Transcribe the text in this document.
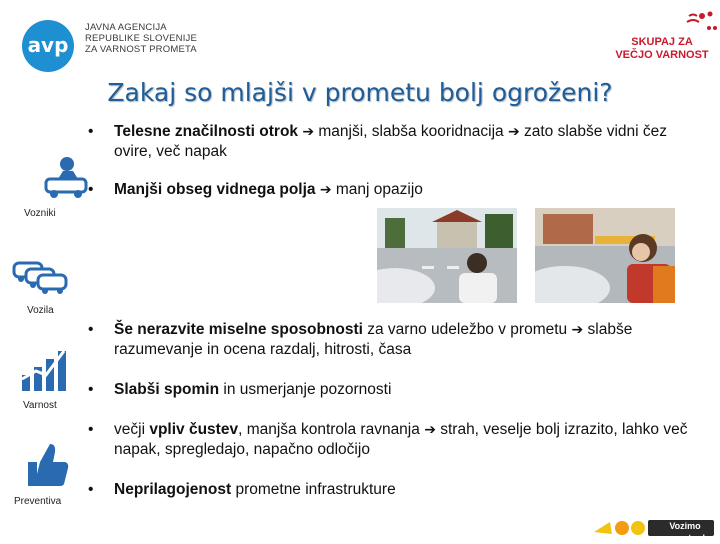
avp
JAVNA AGENCIJA
REPUBLIKE SLOVENIJE
ZA VARNOST PROMETA
SKUPAJ ZA
VEČJO VARNOST
Zakaj so mlajši v prometu bolj ogroženi?
• Telesne značilnosti otrok ➔ manjši, slabša kooridnacija ➔ zato slabše vidni čez ovire, več napak
• Manjši obseg vidnega polja ➔ manj opazijo
• Še nerazvite miselne sposobnosti za varno udeležbo v prometu ➔ slabše razumevanje in ocena razdalj, hitrosti, časa
• Slabši spomin in usmerjanje pozornosti
• večji vpliv čustev, manjša kontrola ravnanja ➔ strah, veselje bolj izrazito, lahko več napak, spregledajo, napačno odločijo
• Neprilagojenost prometne infrastrukture
Vozniki
Vozila
Varnost
Preventiva
Vozimo pametno!
